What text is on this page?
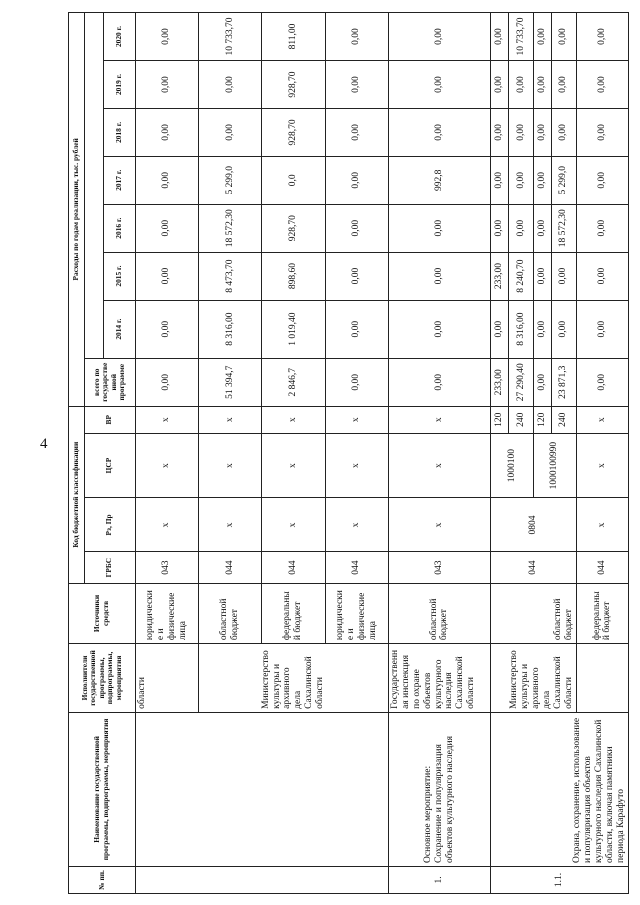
4
№ пп.	Наименование государственной программы, подпрограммы, мероприятия	Исполнители государственной программы, подпрограммы, мероприятия	Источники средств	Код бюджетной классификации				Расходы по годам реализации, тыс. рублей							
				ГРБС	Рз, Пр	ЦСР	ВР	всего по государственной программе							
									2014 г.	2015 г.	2016 г.	2017 г.	2018 г.	2019 г.	2020 г.
		области	юридические и физические лица	043	x	x	x	0,00	0,00	0,00	0,00	0,00	0,00	0,00	0,00
		Министерство культуры и архивного дела Сахалинской области	областной бюджет	044	x	x	x	51 394,7	8 316,00	8 473,70	18 572,30	5 299,0	0,00	0,00	10 733,70
			федеральный бюджет	044	x	x	x	2 846,7	1 019,40	898,60	928,70	0,0	928,70	928,70	811,00
			юридические и физические лица	044	x	x	x	0,00	0,00	0,00	0,00	0,00	0,00	0,00	0,00
1.	Основное мероприятие: Сохранение и популяризация объектов культурного наследия	Государственная инспекция по охране объектов культурного наследия Сахалинской области	областной бюджет	043	x	x	x	0,00	0,00	0,00	0,00	992,8	0,00	0,00	0,00
1.1.	Охрана, сохранение, использование и популяризация объектов культурного наследия Сахалинской области, включая памятники периода Карафуто	Министерство культуры и архивного дела Сахалинской области	областной бюджет	044	0804	1000100	120	233,00	0,00	233,00	0,00	0,00	0,00	0,00	0,00
							240	27 290,40	8 316,00	8 240,70	0,00	0,00	0,00	0,00	10 733,70
						1000100990	120	0,00	0,00	0,00	0,00	0,00	0,00	0,00	0,00
							240	23 871,3	0,00	0,00	18 572,30	5 299,0	0,00	0,00	0,00
			федеральный бюджет	044	x	x	x	0,00	0,00	0,00	0,00	0,00	0,00	0,00	0,00
